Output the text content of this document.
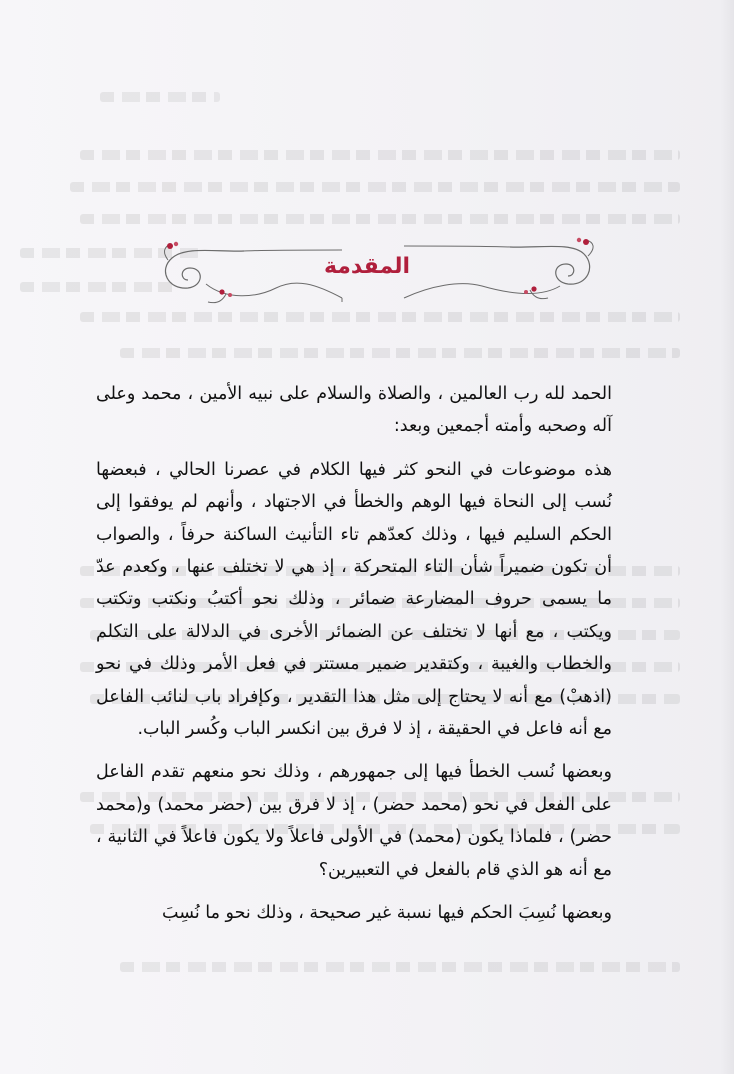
المقدمة

الحمد لله رب العالمين ، والصلاة والسلام على نبيه الأمين ، محمد وعلى آله وصحبه وأمته أجمعين وبعد:

هذه موضوعات في النحو كثر فيها الكلام في عصرنا الحالي ، فبعضها نُسب إلى النحاة فيها الوهم والخطأ في الاجتهاد ، وأنهم لم يوفقوا إلى الحكم السليم فيها ، وذلك كعدّهم تاء التأنيث الساكنة حرفاً ، والصواب أن تكون ضميراً شأن التاء المتحركة ، إذ هي لا تختلف عنها ، وكعدم عدّ ما يسمى حروف المضارعة ضمائر ، وذلك نحو أكتبُ ونكتب وتكتب ويكتب ، مع أنها لا تختلف عن الضمائر الأخرى في الدلالة على التكلم والخطاب والغيبة ، وكتقدير ضمير مستتر في فعل الأمر وذلك في نحو (اذهبْ) مع أنه لا يحتاج إلى مثل هذا التقدير ، وكإفراد باب لنائب الفاعل مع أنه فاعل في الحقيقة ، إذ لا فرق بين انكسر الباب وكُسر الباب.

وبعضها نُسب الخطأ فيها إلى جمهورهم ، وذلك نحو منعهم تقدم الفاعل على الفعل في نحو (محمد حضر) ، إذ لا فرق بين (حضر محمد) و(محمد حضر) ، فلماذا يكون (محمد) في الأولى فاعلاً ولا يكون فاعلاً في الثانية ، مع أنه هو الذي قام بالفعل في التعبيرين؟

وبعضها نُسِبَ الحكم فيها نسبة غير صحيحة ، وذلك نحو ما نُسِبَ
